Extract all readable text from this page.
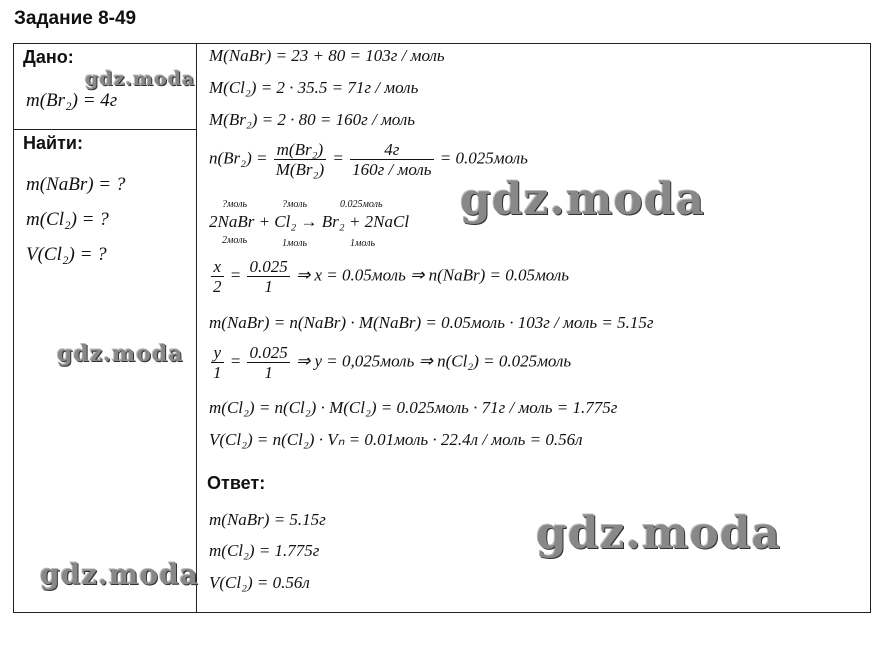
Задание 8-49
Дано:
m(Br₂) = 4г
Найти:
m(NaBr) = ?
m(Cl₂) = ?
V(Cl₂) = ?
M(NaBr) = 23 + 80 = 103г / моль
M(Cl₂) = 2 · 35.5 = 71г / моль
M(Br₂) = 2 · 80 = 160г / моль
$n(Br_2) = \frac{\text{m(Br₂)}}{\text{M(Br₂)}} = \frac{4г}{\text{160г / моль}}$ = 0.025моль
?моль	?моль	0.025моль
2NaBr + Cl₂ → Br₂ + 2NaCl
2моль	1моль	1моль
$\frac{x}{2} = \frac{0.025}{1}$ ⇒ x = 0.05моль ⇒ n(NaBr) = 0.05моль
m(NaBr) = n(NaBr) · M(NaBr) = 0.05моль · 103г / моль = 5.15г
$\frac{y}{1} = \frac{0.025}{1}$ ⇒ y = 0,025моль ⇒ n(Cl₂) = 0.025моль
m(Cl₂) = n(Cl₂) · M(Cl₂) = 0.025моль · 71г / моль = 1.775г
V(Cl₂) = n(Cl₂) · Vₙ = 0.01моль · 22.4л / моль = 0.56л
Ответ:
m(NaBr) = 5.15г
m(Cl₂) = 1.775г
V(Cl₂) = 0.56л
gdz.moda
gdz.moda
gdz.moda
gdz.moda
gdz.moda
